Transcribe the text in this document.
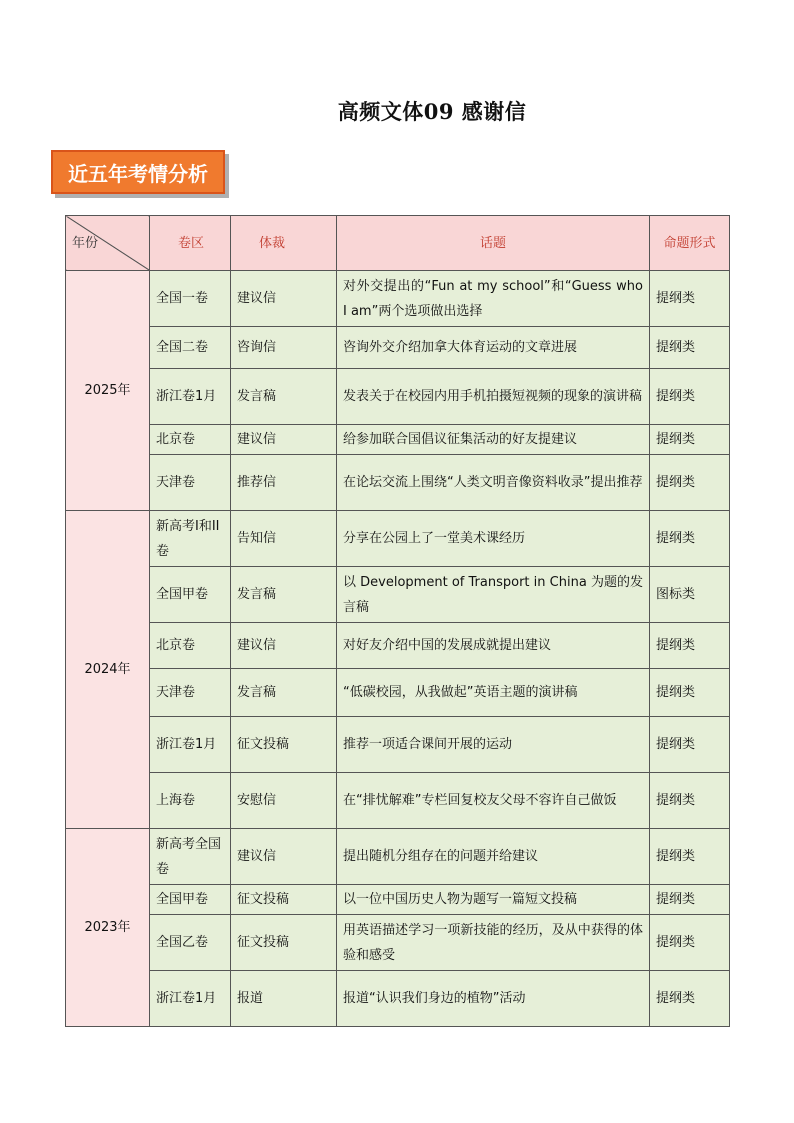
高频文体09 感谢信
近五年考情分析
年份	卷区	体裁	话题	命题形式
2025年	全国一卷	建议信	对外交提出的“Fun at my school”和“Guess who I am”两个选项做出选择	提纲类
	全国二卷	咨询信	咨询外交介绍加拿大体育运动的文章进展	提纲类
	浙江卷1月	发言稿	发表关于在校园内用手机拍摄短视频的现象的演讲稿	提纲类
	北京卷	建议信	给参加联合国倡议征集活动的好友提建议	提纲类
	天津卷	推荐信	在论坛交流上围绕“人类文明音像资料收录”提出推荐	提纲类
2024年	新高考I和II卷	告知信	分享在公园上了一堂美术课经历	提纲类
	全国甲卷	发言稿	以 Development of Transport in China 为题的发言稿	图标类
	北京卷	建议信	对好友介绍中国的发展成就提出建议	提纲类
	天津卷	发言稿	“低碳校园，从我做起”英语主题的演讲稿	提纲类
	浙江卷1月	征文投稿	推荐一项适合课间开展的运动	提纲类
	上海卷	安慰信	在“排忧解难”专栏回复校友父母不容许自己做饭	提纲类
2023年	新高考全国卷	建议信	提出随机分组存在的问题并给建议	提纲类
	全国甲卷	征文投稿	以一位中国历史人物为题写一篇短文投稿	提纲类
	全国乙卷	征文投稿	用英语描述学习一项新技能的经历，及从中获得的体验和感受	提纲类
	浙江卷1月	报道	报道“认识我们身边的植物”活动	提纲类
